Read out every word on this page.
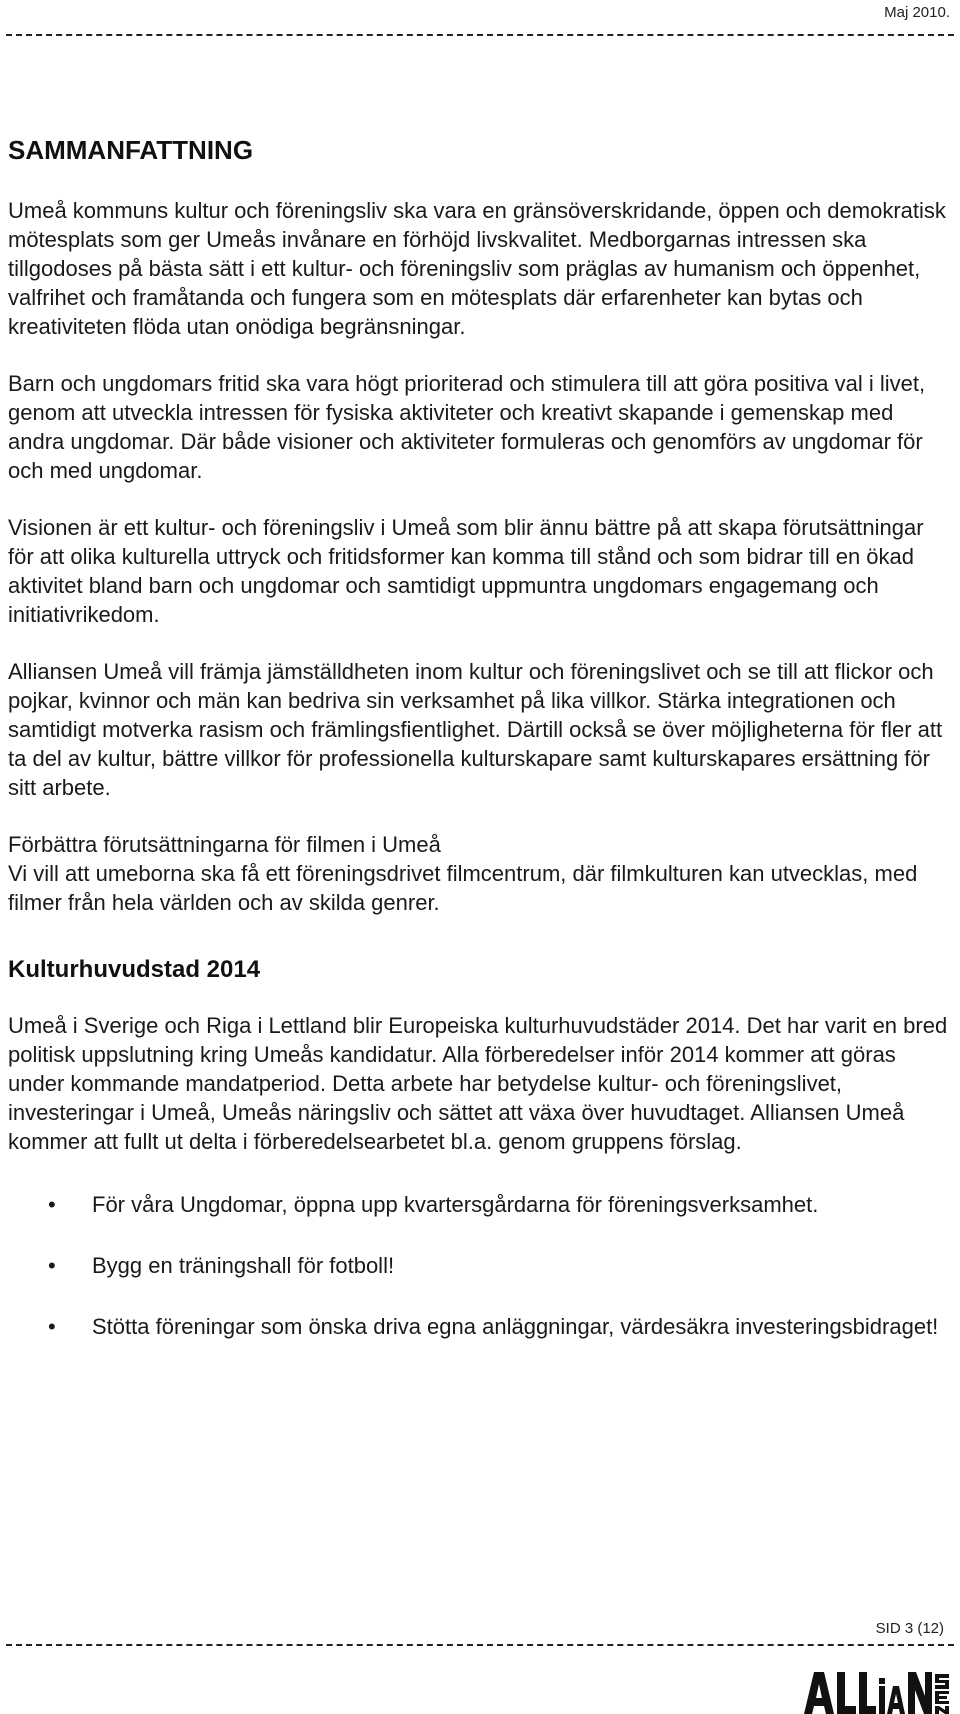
Maj 2010.
SAMMANFATTNING

Umeå kommuns kultur och föreningsliv ska vara en gränsöverskridande, öppen och demokratisk mötesplats som ger Umeås invånare en förhöjd livskvalitet. Medborgarnas intressen ska tillgodoses på bästa sätt i ett kultur- och föreningsliv som präglas av humanism och öppenhet, valfrihet och framåtanda och fungera som en mötesplats där erfarenheter kan bytas och kreativiteten flöda utan onödiga begränsningar.

Barn och ungdomars fritid ska vara högt prioriterad och stimulera till att göra positiva val i livet, genom att utveckla intressen för fysiska aktiviteter och kreativt skapande i gemenskap med andra ungdomar. Där både visioner och aktiviteter formuleras och genomförs av ungdomar för och med ungdomar.

Visionen är ett kultur- och föreningsliv i Umeå som blir ännu bättre på att skapa förutsättningar för att olika kulturella uttryck och fritidsformer kan komma till stånd och som bidrar till en ökad aktivitet bland barn och ungdomar och samtidigt uppmuntra ungdomars engagemang och initiativrikedom.

Alliansen Umeå vill främja jämställdheten inom kultur och föreningslivet och se till att flickor och pojkar, kvinnor och män kan bedriva sin verksamhet på lika villkor. Stärka integrationen och samtidigt motverka rasism och främlingsfientlighet. Därtill också se över möjligheterna för fler att ta del av kultur, bättre villkor för professionella kulturskapare samt kulturskapares ersättning för sitt arbete.

Förbättra förutsättningarna för filmen i Umeå
Vi vill att umeborna ska få ett föreningsdrivet filmcentrum, där filmkulturen kan utvecklas, med filmer från hela världen och av skilda genrer.

Kulturhuvudstad 2014

Umeå i Sverige och Riga i Lettland blir Europeiska kulturhuvudstäder 2014. Det har varit en bred politisk uppslutning kring Umeås kandidatur. Alla förberedelser inför 2014 kommer att göras under kommande mandatperiod. Detta arbete har betydelse kultur- och föreningslivet, investeringar i Umeå, Umeås näringsliv och sättet att växa över huvudtaget. Alliansen Umeå kommer att fullt ut delta i förberedelsearbetet bl.a. genom gruppens förslag.

• För våra Ungdomar, öppna upp kvartersgårdarna för föreningsverksamhet.
• Bygg en träningshall för fotboll!
• Stötta föreningar som önska driva egna anläggningar, värdesäkra investeringsbidraget!
SID 3 (12)
